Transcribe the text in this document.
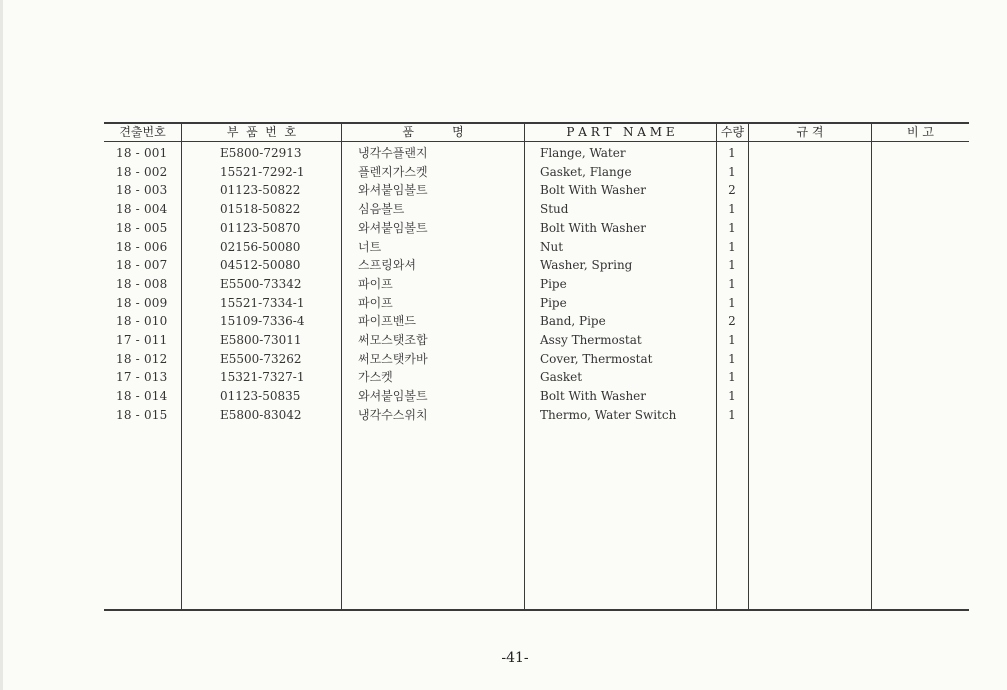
견출번호	부  품  번  호	품          명	P A R T   N A M E	수량	규 격	비 고
18 - 001	E5800-72913	냉각수플랜지	Flange, Water	1
18 - 002	15521-7292-1	플렌지가스켓	Gasket, Flange	1
18 - 003	01123-50822	와셔붙임볼트	Bolt With Washer	2
18 - 004	01518-50822	심음볼트	Stud	1
18 - 005	01123-50870	와셔붙임볼트	Bolt With Washer	1
18 - 006	02156-50080	너트	Nut	1
18 - 007	04512-50080	스프링와셔	Washer, Spring	1
18 - 008	E5500-73342	파이프	Pipe	1
18 - 009	15521-7334-1	파이프	Pipe	1
18 - 010	15109-7336-4	파이프밴드	Band, Pipe	2
17 - 011	E5800-73011	써모스탯조합	Assy Thermostat	1
18 - 012	E5500-73262	써모스탯카바	Cover, Thermostat	1
17 - 013	15321-7327-1	가스켓	Gasket	1
18 - 014	01123-50835	와셔붙임볼트	Bolt With Washer	1
18 - 015	E5800-83042	냉각수스위치	Thermo, Water Switch	1
-41-
